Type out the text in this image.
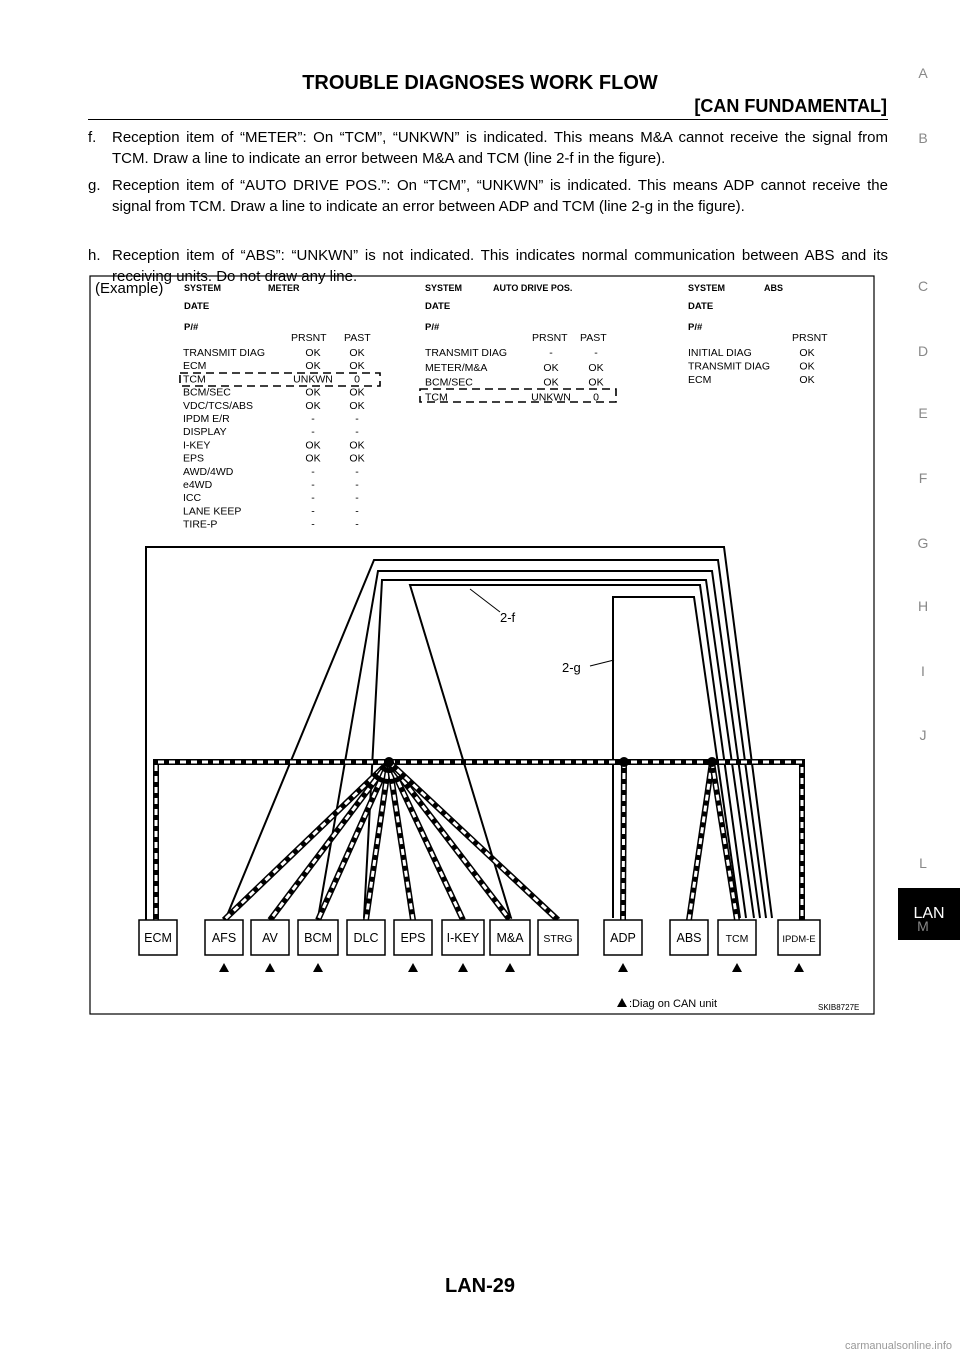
TROUBLE DIAGNOSES WORK FLOW
[CAN FUNDAMENTAL]
f. Reception item of “METER”: On “TCM”, “UNKWN” is indicated. This means M&A cannot receive the signal from TCM. Draw a line to indicate an error between M&A and TCM (line 2-f in the figure).
g. Reception item of “AUTO DRIVE POS.”: On “TCM”, “UNKWN” is indicated. This means ADP cannot receive the signal from TCM. Draw a line to indicate an error between ADP and TCM (line 2-g in the figure).
h. Reception item of “ABS”: “UNKWN” is not indicated. This indicates normal communication between ABS and its receiving units. Do not draw any line.
A
B
C
D
E
F
G
H
I
J
LAN
L
M
(Example) SYSTEM	METER
DATE
P/#
PRSNT PAST
TRANSMIT DIAG	OK	OK
ECM	OK	OK
TCM	UNKWN 0
BCM/SEC	OK	OK
VDC/TCS/ABS	OK	OK
IPDM E/R	-	-
DISPLAY	-	-
I-KEY	OK	OK
EPS	OK	OK
AWD/4WD	-	-
e4WD	-	-
ICC	-	-
LANE KEEP	-	-
TIRE-P	-	-
SYSTEM	AUTO DRIVE POS.
DATE
P/#
PRSNT PAST
TRANSMIT DIAG	-	-
METER/M&A	OK	OK
BCM/SEC	OK	OK
TCM	UNKWN 0
SYSTEM	ABS
DATE
P/#
PRSNT
INITIAL DIAG	OK
TRANSMIT DIAG	OK
ECM	OK
2-f
2-g
ECM	AFS AV BCM DLC EPS I-KEY M&A STRG	ADP	ABS TCM	IPDM-E
:Diag on CAN unit	SKIB8727E
LAN-29
carmanualsonline.info
